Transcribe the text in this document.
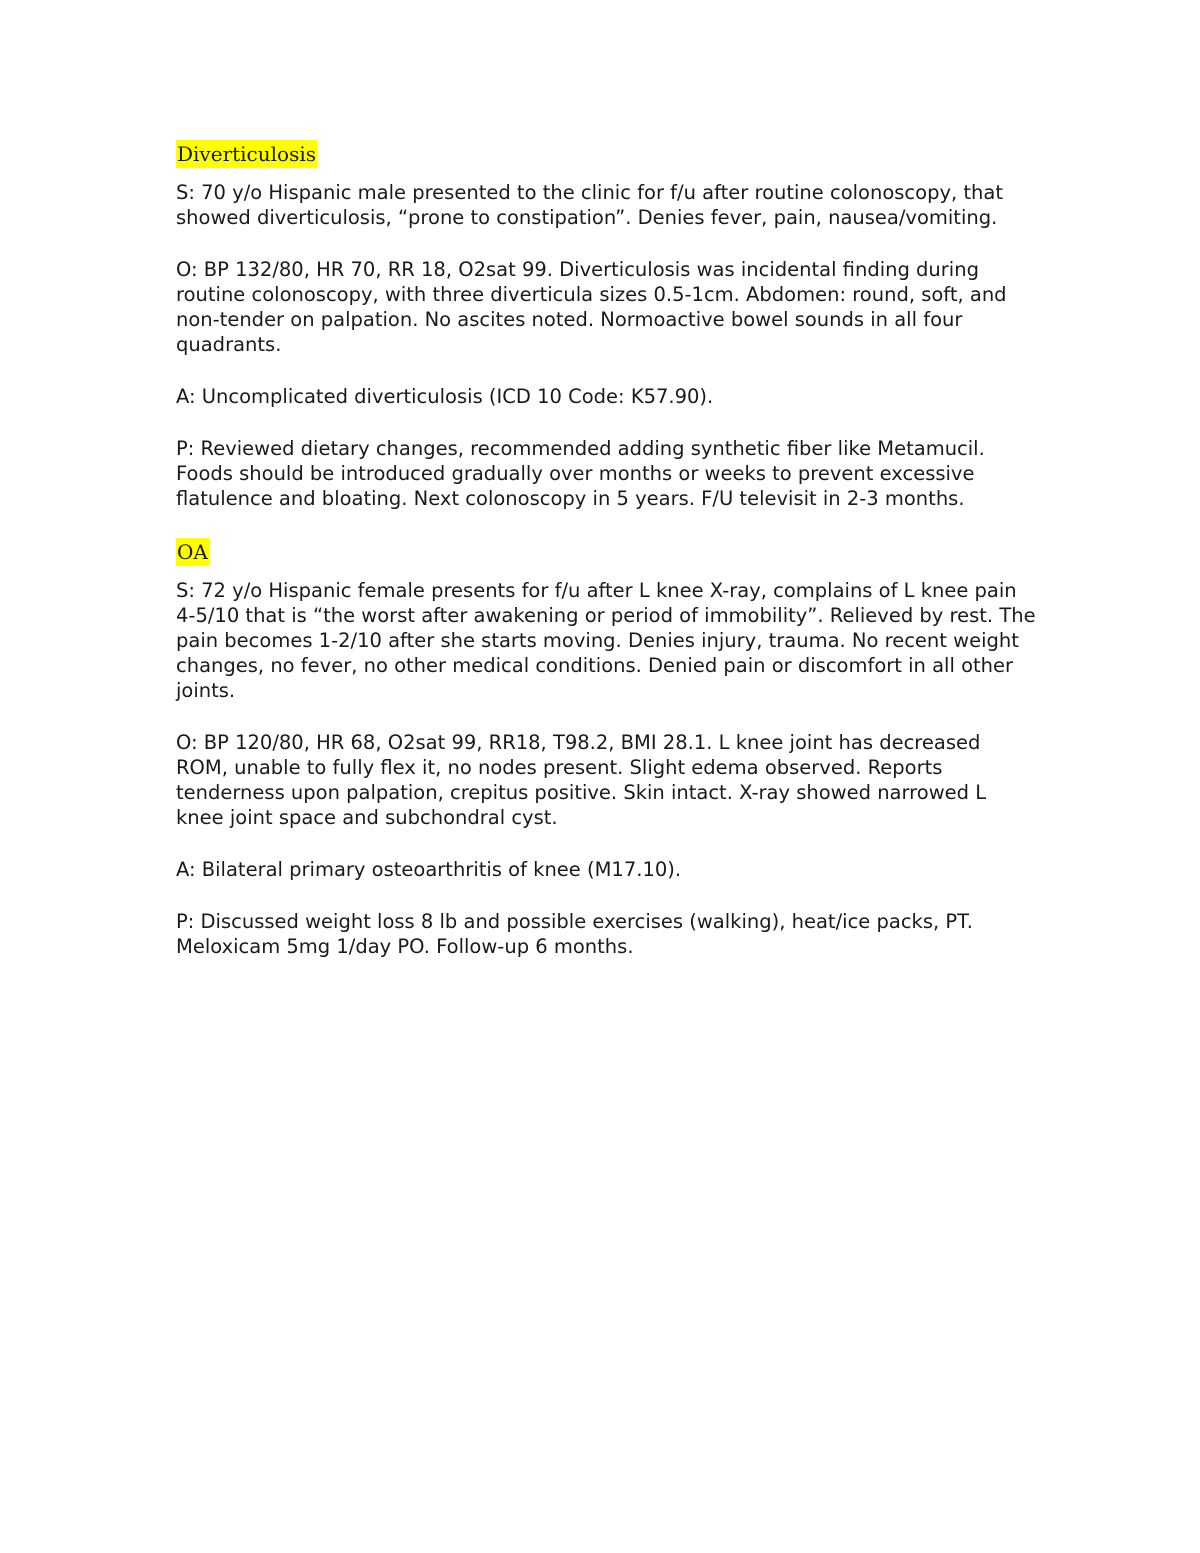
Diverticulosis

S: 70 y/o Hispanic male presented to the clinic for f/u after routine colonoscopy, that showed diverticulosis, “prone to constipation”. Denies fever, pain, nausea/vomiting.

O: BP 132/80, HR 70, RR 18, O2sat 99. Diverticulosis was incidental finding during routine colonoscopy, with three diverticula sizes 0.5-1cm. Abdomen: round, soft, and non-tender on palpation. No ascites noted. Normoactive bowel sounds in all four quadrants.

A: Uncomplicated diverticulosis (ICD 10 Code: K57.90).

P: Reviewed dietary changes, recommended adding synthetic fiber like Metamucil. Foods should be introduced gradually over months or weeks to prevent excessive flatulence and bloating. Next colonoscopy in 5 years. F/U televisit in 2-3 months.

OA

S: 72 y/o Hispanic female presents for f/u after L knee X-ray, complains of L knee pain 4-5/10 that is “the worst after awakening or period of immobility”. Relieved by rest. The pain becomes 1-2/10 after she starts moving. Denies injury, trauma. No recent weight changes, no fever, no other medical conditions. Denied pain or discomfort in all other joints.

O: BP 120/80, HR 68, O2sat 99, RR18, T98.2, BMI 28.1. L knee joint has decreased ROM, unable to fully flex it, no nodes present. Slight edema observed. Reports tenderness upon palpation, crepitus positive. Skin intact. X-ray showed narrowed L knee joint space and subchondral cyst.

A: Bilateral primary osteoarthritis of knee (M17.10).

P: Discussed weight loss 8 lb and possible exercises (walking), heat/ice packs, PT. Meloxicam 5mg 1/day PO. Follow-up 6 months.
